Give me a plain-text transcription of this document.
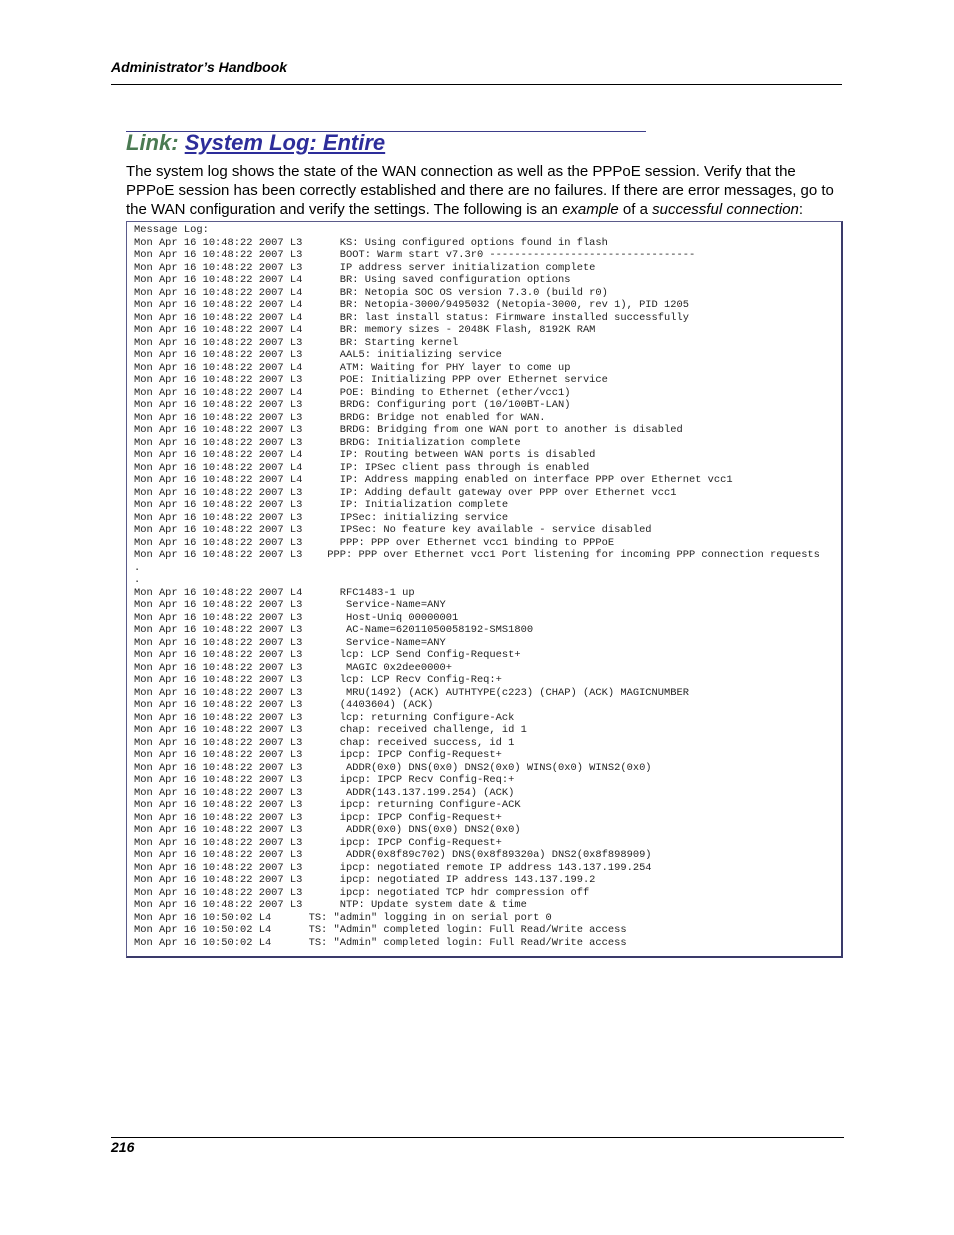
Administrator’s Handbook
Link: System Log: Entire

The system log shows the state of the WAN connection as well as the PPPoE session. Verify that the PPPoE session has been correctly established and there are no failures. If there are error messages, go to the WAN configuration and verify the settings. The following is an example of a successful connection:

Message Log:
Mon Apr 16 10:48:22 2007 L3      KS: Using configured options found in flash
Mon Apr 16 10:48:22 2007 L3      BOOT: Warm start v7.3r0 ---------------------------------
Mon Apr 16 10:48:22 2007 L3      IP address server initialization complete
Mon Apr 16 10:48:22 2007 L4      BR: Using saved configuration options
Mon Apr 16 10:48:22 2007 L4      BR: Netopia SOC OS version 7.3.0 (build r0)
Mon Apr 16 10:48:22 2007 L4      BR: Netopia-3000/9495032 (Netopia-3000, rev 1), PID 1205
Mon Apr 16 10:48:22 2007 L4      BR: last install status: Firmware installed successfully
Mon Apr 16 10:48:22 2007 L4      BR: memory sizes - 2048K Flash, 8192K RAM
Mon Apr 16 10:48:22 2007 L3      BR: Starting kernel
Mon Apr 16 10:48:22 2007 L3      AAL5: initializing service
Mon Apr 16 10:48:22 2007 L4      ATM: Waiting for PHY layer to come up
Mon Apr 16 10:48:22 2007 L3      POE: Initializing PPP over Ethernet service
Mon Apr 16 10:48:22 2007 L4      POE: Binding to Ethernet (ether/vcc1)
Mon Apr 16 10:48:22 2007 L3      BRDG: Configuring port (10/100BT-LAN)
Mon Apr 16 10:48:22 2007 L3      BRDG: Bridge not enabled for WAN.
Mon Apr 16 10:48:22 2007 L3      BRDG: Bridging from one WAN port to another is disabled
Mon Apr 16 10:48:22 2007 L3      BRDG: Initialization complete
Mon Apr 16 10:48:22 2007 L4      IP: Routing between WAN ports is disabled
Mon Apr 16 10:48:22 2007 L4      IP: IPSec client pass through is enabled
Mon Apr 16 10:48:22 2007 L4      IP: Address mapping enabled on interface PPP over Ethernet vcc1
Mon Apr 16 10:48:22 2007 L3      IP: Adding default gateway over PPP over Ethernet vcc1
Mon Apr 16 10:48:22 2007 L3      IP: Initialization complete
Mon Apr 16 10:48:22 2007 L3      IPSec: initializing service
Mon Apr 16 10:48:22 2007 L3      IPSec: No feature key available - service disabled
Mon Apr 16 10:48:22 2007 L3      PPP: PPP over Ethernet vcc1 binding to PPPoE
Mon Apr 16 10:48:22 2007 L3    PPP: PPP over Ethernet vcc1 Port listening for incoming PPP connection requests
.
.
Mon Apr 16 10:48:22 2007 L4      RFC1483-1 up
Mon Apr 16 10:48:22 2007 L3       Service-Name=ANY
Mon Apr 16 10:48:22 2007 L3       Host-Uniq 00000001
Mon Apr 16 10:48:22 2007 L3       AC-Name=62011050058192-SMS1800
Mon Apr 16 10:48:22 2007 L3       Service-Name=ANY
Mon Apr 16 10:48:22 2007 L3      lcp: LCP Send Config-Request+
Mon Apr 16 10:48:22 2007 L3       MAGIC 0x2dee0000+
Mon Apr 16 10:48:22 2007 L3      lcp: LCP Recv Config-Req:+
Mon Apr 16 10:48:22 2007 L3       MRU(1492) (ACK) AUTHTYPE(c223) (CHAP) (ACK) MAGICNUMBER
Mon Apr 16 10:48:22 2007 L3      (4403604) (ACK)
Mon Apr 16 10:48:22 2007 L3      lcp: returning Configure-Ack
Mon Apr 16 10:48:22 2007 L3      chap: received challenge, id 1
Mon Apr 16 10:48:22 2007 L3      chap: received success, id 1
Mon Apr 16 10:48:22 2007 L3      ipcp: IPCP Config-Request+
Mon Apr 16 10:48:22 2007 L3       ADDR(0x0) DNS(0x0) DNS2(0x0) WINS(0x0) WINS2(0x0)
Mon Apr 16 10:48:22 2007 L3      ipcp: IPCP Recv Config-Req:+
Mon Apr 16 10:48:22 2007 L3       ADDR(143.137.199.254) (ACK)
Mon Apr 16 10:48:22 2007 L3      ipcp: returning Configure-ACK
Mon Apr 16 10:48:22 2007 L3      ipcp: IPCP Config-Request+
Mon Apr 16 10:48:22 2007 L3       ADDR(0x0) DNS(0x0) DNS2(0x0)
Mon Apr 16 10:48:22 2007 L3      ipcp: IPCP Config-Request+
Mon Apr 16 10:48:22 2007 L3       ADDR(0x8f89c702) DNS(0x8f89320a) DNS2(0x8f898909)
Mon Apr 16 10:48:22 2007 L3      ipcp: negotiated remote IP address 143.137.199.254
Mon Apr 16 10:48:22 2007 L3      ipcp: negotiated IP address 143.137.199.2
Mon Apr 16 10:48:22 2007 L3      ipcp: negotiated TCP hdr compression off
Mon Apr 16 10:48:22 2007 L3      NTP: Update system date & time
Mon Apr 16 10:50:02 L4      TS: "admin" logging in on serial port 0
Mon Apr 16 10:50:02 L4      TS: "Admin" completed login: Full Read/Write access
Mon Apr 16 10:50:02 L4      TS: "Admin" completed login: Full Read/Write access

216
